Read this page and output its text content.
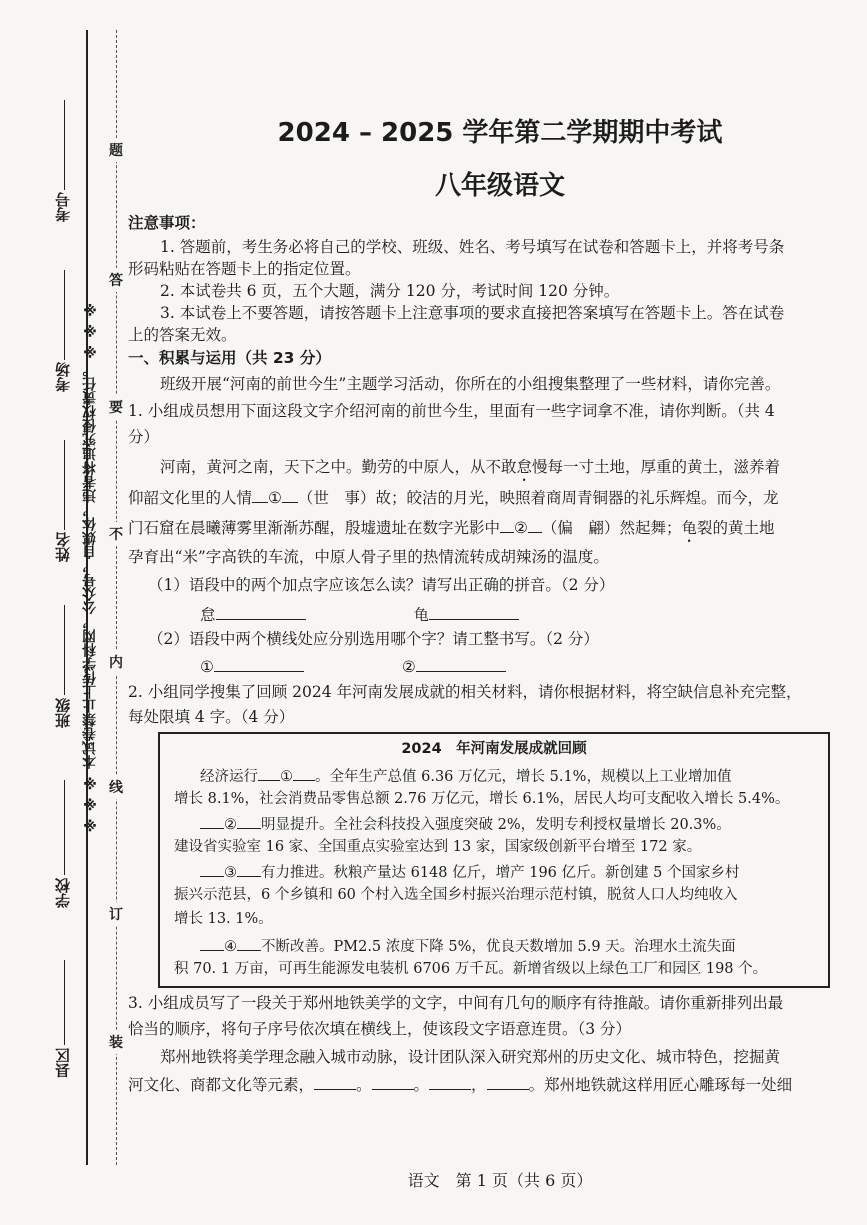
考号
考场
姓名
班级
学校
县区
※ ※ ※ 本试卷禁止上传学科网，公众号，自媒体，违者将追究侵权责任。 ※ ※ ※
题
答
要
不
内
线
订
装
2024 – 2025 学年第二学期期中考试
八年级语文
注意事项：
1. 答题前，考生务必将自己的学校、班级、姓名、考号填写在试卷和答题卡上，并将考号条
形码粘贴在答题卡上的指定位置。
2. 本试卷共 6 页，五个大题，满分 120 分，考试时间 120 分钟。
3. 本试卷上不要答题，请按答题卡上注意事项的要求直接把答案填写在答题卡上。答在试卷
上的答案无效。
一、积累与运用（共 23 分）
班级开展“河南的前世今生”主题学习活动，你所在的小组搜集整理了一些材料，请你完善。
1. 小组成员想用下面这段文字介绍河南的前世今生，里面有一些字词拿不准，请你判断。（共 4
分）
河南，黄河之南，天下之中。勤劳的中原人，从不敢怠慢每一寸土地，厚重的黄土，滋养着
仰韶文化里的人情 ① （世　事）故；皎洁的月光，映照着商周青铜器的礼乐辉煌。而今，龙
门石窟在晨曦薄雾里渐渐苏醒，殷墟遗址在数字光影中 ② （偏　翩）然起舞；龟裂的黄土地
孕育出“米”字高铁的车流，中原人骨子里的热情流转成胡辣汤的温度。
（1）语段中的两个加点字应该怎么读？请写出正确的拼音。（2 分）
怠	龟
（2）语段中两个横线处应分别选用哪个字？请工整书写。（2 分）
①	②
2. 小组同学搜集了回顾 2024 年河南发展成就的相关材料，请你根据材料，将空缺信息补充完整，
每处限填 4 字。（4 分）
2024　年河南发展成就回顾
经济运行 ① 。全年生产总值 6.36 万亿元，增长 5.1%，规模以上工业增加值
增长 8.1%，社会消费品零售总额 2.76 万亿元，增长 6.1%，居民人均可支配收入增长 5.4%。
② 明显提升。全社会科技投入强度突破 2%，发明专利授权量增长 20.3%。
建设省实验室 16 家、全国重点实验室达到 13 家，国家级创新平台增至 172 家。
③ 有力推进。秋粮产量达 6148 亿斤，增产 196 亿斤。新创建 5 个国家乡村
振兴示范县，6 个乡镇和 60 个村入选全国乡村振兴治理示范村镇，脱贫人口人均纯收入
增长 13. 1%。
④ 不断改善。PM2.5 浓度下降 5%，优良天数增加 5.9 天。治理水土流失面
积 70. 1 万亩，可再生能源发电装机 6706 万千瓦。新增省级以上绿色工厂和园区 198 个。
3. 小组成员写了一段关于郑州地铁美学的文字，中间有几句的顺序有待推敲。请你重新排列出最
恰当的顺序，将句子序号依次填在横线上，使该段文字语意连贯。（3 分）
郑州地铁将美学理念融入城市动脉，设计团队深入研究郑州的历史文化、城市特色，挖掘黄
河文化、商都文化等元素，	。	。	，	。郑州地铁就这样用匠心雕琢每一处细
语文　第 1 页（共 6 页）
